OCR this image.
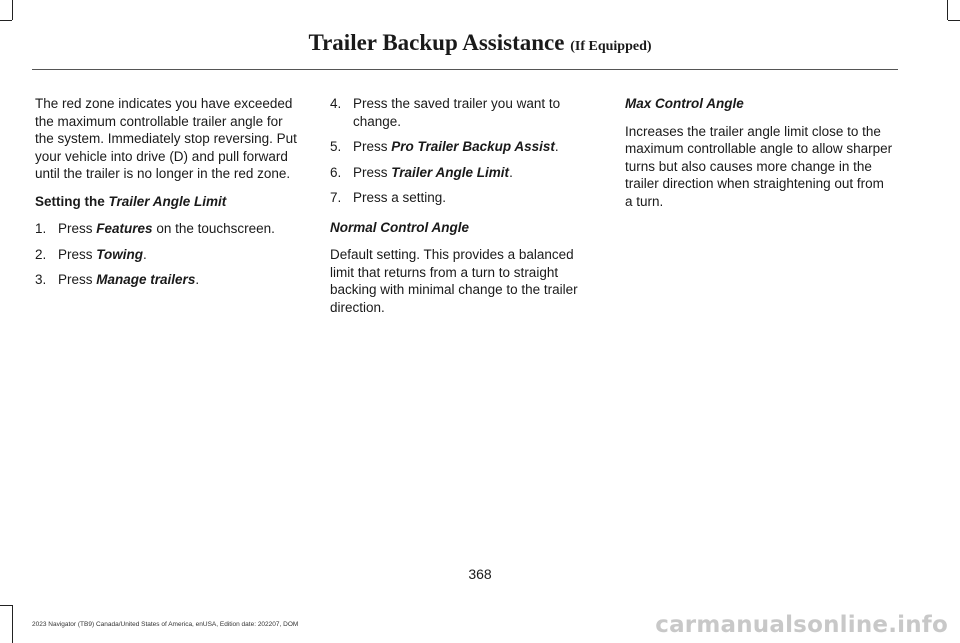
Trailer Backup Assistance (If Equipped)

The red zone indicates you have exceeded the maximum controllable trailer angle for the system. Immediately stop reversing. Put your vehicle into drive (D) and pull forward until the trailer is no longer in the red zone.

Setting the Trailer Angle Limit

1. Press Features on the touchscreen.
2. Press Towing.
3. Press Manage trailers.
4. Press the saved trailer you want to change.
5. Press Pro Trailer Backup Assist.
6. Press Trailer Angle Limit.
7. Press a setting.

Normal Control Angle

Default setting. This provides a balanced limit that returns from a turn to straight backing with minimal change to the trailer direction.

Max Control Angle

Increases the trailer angle limit close to the maximum controllable angle to allow sharper turns but also causes more change in the trailer direction when straightening out from a turn.

368
2023 Navigator (TB9) Canada/United States of America, enUSA, Edition date: 202207, DOM	carmanualsonline.info
